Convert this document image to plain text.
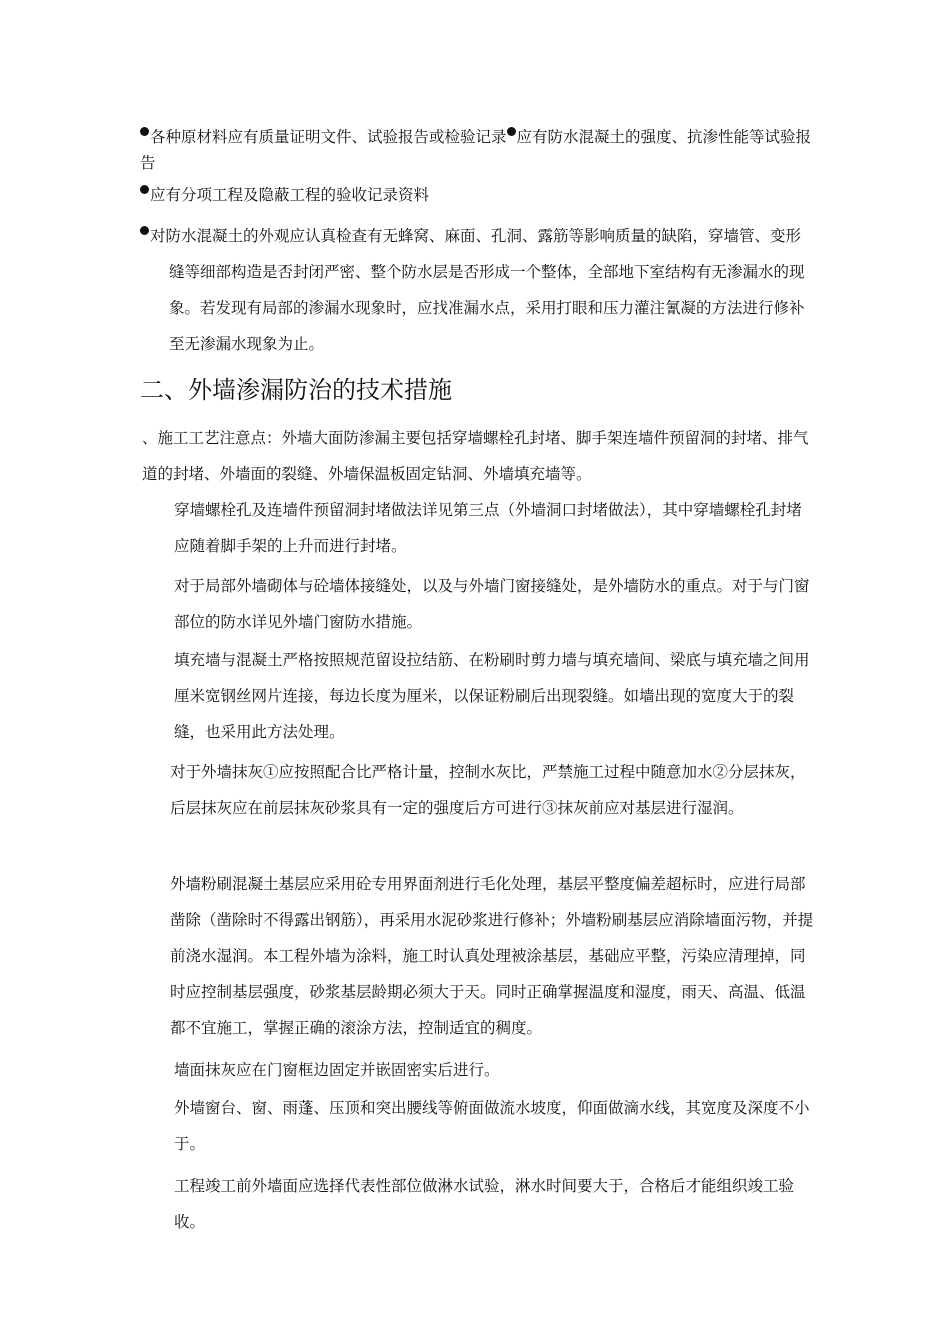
各种原材料应有质量证明文件、试验报告或检验记录 应有防水混凝土的强度、抗渗性能等试验报告

应有分项工程及隐蔽工程的验收记录资料

对防水混凝土的外观应认真检查有无蜂窝、麻面、孔洞、露筋等影响质量的缺陷，穿墙管、变形缝等细部构造是否封闭严密、整个防水层是否形成一个整体，全部地下室结构有无渗漏水的现象。若发现有局部的渗漏水现象时，应找准漏水点，采用打眼和压力灌注氰凝的方法进行修补至无渗漏水现象为止。

二、外墙渗漏防治的技术措施

、施工工艺注意点：外墙大面防渗漏主要包括穿墙螺栓孔封堵、脚手架连墙件预留洞的封堵、排气道的封堵、外墙面的裂缝、外墙保温板固定钻洞、外墙填充墙等。

穿墙螺栓孔及连墙件预留洞封堵做法详见第三点（外墙洞口封堵做法），其中穿墙螺栓孔封堵应随着脚手架的上升而进行封堵。

对于局部外墙砌体与砼墙体接缝处，以及与外墙门窗接缝处，是外墙防水的重点。对于与门窗部位的防水详见外墙门窗防水措施。

填充墙与混凝土严格按照规范留设拉结筋、在粉刷时剪力墙与填充墙间、梁底与填充墙之间用厘米宽钢丝网片连接，每边长度为厘米，以保证粉刷后出现裂缝。如墙出现的宽度大于的裂缝，也采用此方法处理。

对于外墙抹灰①应按照配合比严格计量，控制水灰比，严禁施工过程中随意加水②分层抹灰，后层抹灰应在前层抹灰砂浆具有一定的强度后方可进行③抹灰前应对基层进行湿润。

外墙粉刷混凝土基层应采用砼专用界面剂进行毛化处理，基层平整度偏差超标时，应进行局部凿除（凿除时不得露出钢筋），再采用水泥砂浆进行修补；外墙粉刷基层应消除墙面污物，并提前浇水湿润。本工程外墙为涂料，施工时认真处理被涂基层，基础应平整，污染应清理掉，同时应控制基层强度，砂浆基层龄期必须大于天。同时正确掌握温度和湿度，雨天、高温、低温都不宜施工，掌握正确的滚涂方法，控制适宜的稠度。

墙面抹灰应在门窗框边固定并嵌固密实后进行。

外墙窗台、窗、雨蓬、压顶和突出腰线等俯面做流水坡度，仰面做滴水线，其宽度及深度不小于。

工程竣工前外墙面应选择代表性部位做淋水试验，淋水时间要大于，合格后才能组织竣工验收。
